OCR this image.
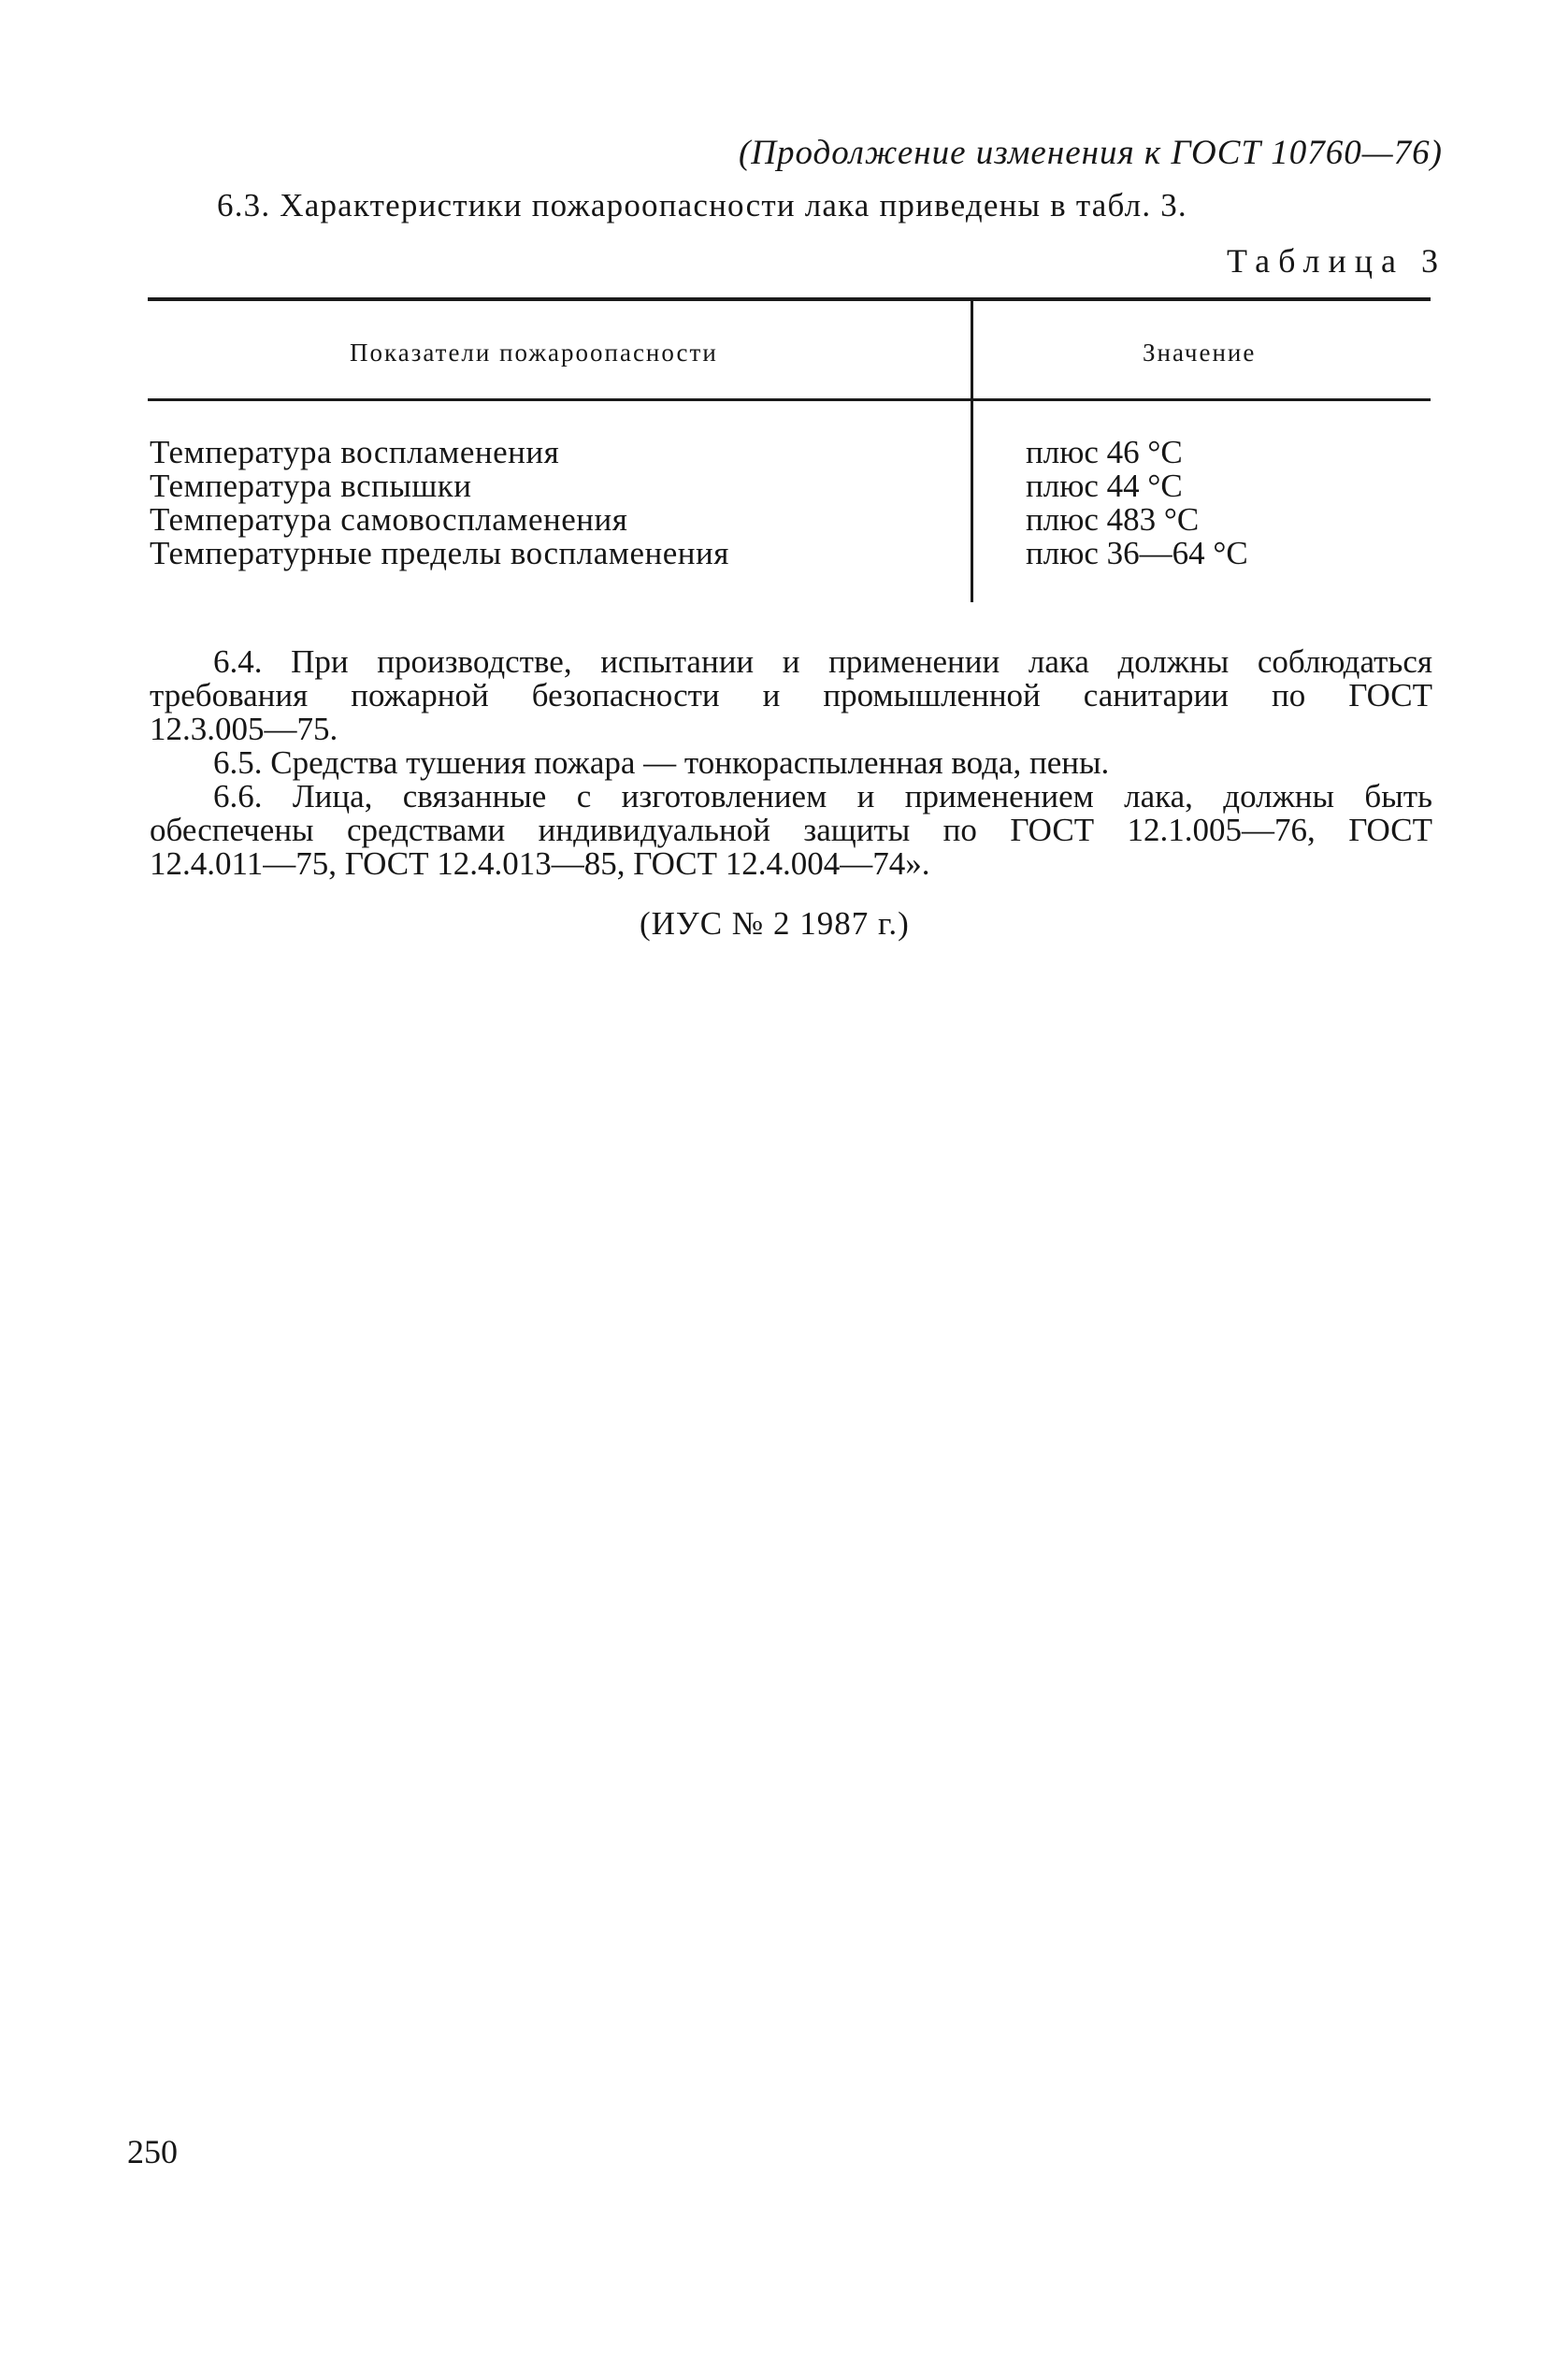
(Продолжение изменения к ГОСТ 10760—76)
6.3. Характеристики пожароопасности лака приведены в табл. 3.
Таблица 3
Показатели пожароопасности	Значение
Температура воспламенения	плюс 46 °С
Температура вспышки	плюс 44 °С
Температура самовоспламенения	плюс 483 °С
Температурные пределы воспламенения	плюс 36—64 °С
6.4. При производстве, испытании и применении лака должны соблюдаться
требования пожарной безопасности и промышленной санитарии по ГОСТ
12.3.005—75.
6.5. Средства тушения пожара — тонкораспыленная вода, пены.
6.6. Лица, связанные с изготовлением и применением лака, должны быть
обеспечены средствами индивидуальной защиты по ГОСТ 12.1.005—76, ГОСТ
12.4.011—75, ГОСТ 12.4.013—85, ГОСТ 12.4.004—74».
(ИУС № 2 1987 г.)
250
